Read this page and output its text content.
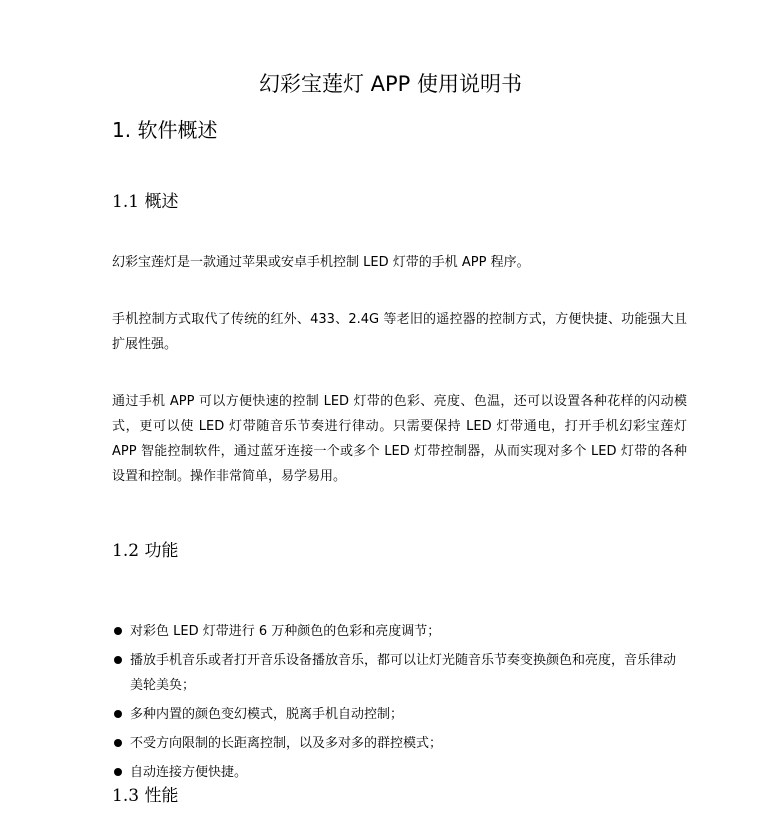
幻彩宝莲灯 APP 使用说明书
1. 软件概述
1.1 概述
幻彩宝莲灯是一款通过苹果或安卓手机控制 LED 灯带的手机 APP 程序。
手机控制方式取代了传统的红外、433、2.4G 等老旧的遥控器的控制方式，方便快捷、功能强大且扩展性强。
通过手机 APP 可以方便快速的控制 LED 灯带的色彩、亮度、色温，还可以设置各种花样的闪动模式，更可以使 LED 灯带随音乐节奏进行律动。只需要保持 LED 灯带通电，打开手机幻彩宝莲灯 APP 智能控制软件，通过蓝牙连接一个或多个 LED 灯带控制器，从而实现对多个 LED 灯带的各种设置和控制。操作非常简单，易学易用。
1.2 功能
对彩色 LED 灯带进行 6 万种颜色的色彩和亮度调节；
播放手机音乐或者打开音乐设备播放音乐，都可以让灯光随音乐节奏变换颜色和亮度，音乐律动美轮美奂；
多种内置的颜色变幻模式，脱离手机自动控制；
不受方向限制的长距离控制，以及多对多的群控模式；
自动连接方便快捷。
1.3 性能
